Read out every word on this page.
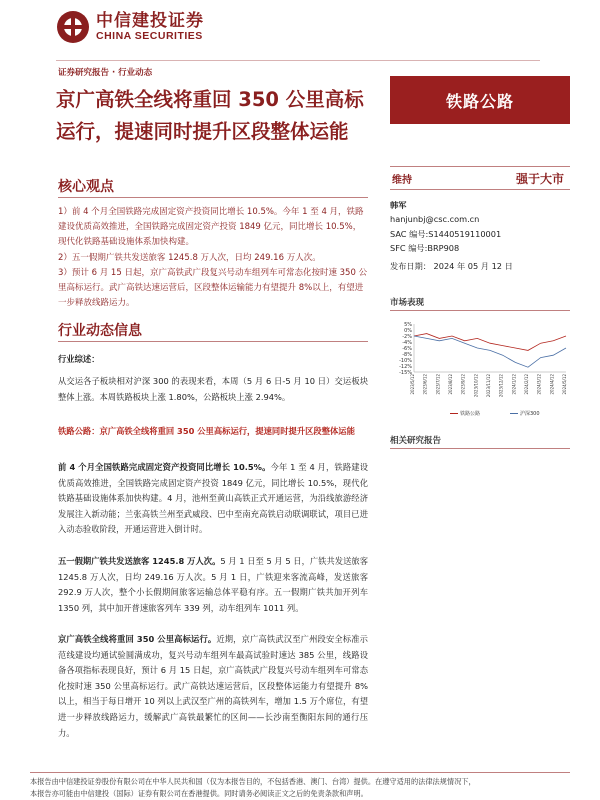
中信建投证券
CHINA SECURITIES
证券研究报告 · 行业动态
京广高铁全线将重回 350 公里高标运行，提速同时提升区段整体运能
铁路公路
核心观点

1）前 4 个月全国铁路完成固定资产投资同比增长 10.5%。今年 1 至 4 月，铁路建设优质高效推进，全国铁路完成固定资产投资 1849 亿元，同比增长 10.5%，现代化铁路基础设施体系加快构建。

2）五一假期广铁共发送旅客 1245.8 万人次，日均 249.16 万人次。

3）预计 6 月 15 日起，京广高铁武广段复兴号动车组列车可常态化按时速 350 公里高标运行。武广高铁达速运营后，区段整体运输能力有望提升 8%以上，有望进一步释放线路运力。

行业动态信息
行业综述：
从交运各子板块相对沪深 300 的表现来看，本周（5 月 6 日-5 月 10 日）交运板块整体上涨。本周铁路板块上涨 1.80%，公路板块上涨 2.94%。
铁路公路：京广高铁全线将重回 350 公里高标运行，提速同时提升区段整体运能
前 4 个月全国铁路完成固定资产投资同比增长 10.5%。今年 1 至 4 月，铁路建设优质高效推进，全国铁路完成固定资产投资 1849 亿元，同比增长 10.5%，现代化铁路基础设施体系加快构建。4 月，池州至黄山高铁正式开通运营，为沿线旅游经济发展注入新动能；兰张高铁兰州至武威段、巴中至南充高铁启动联调联试，项目已进入动态验收阶段，开通运营进入倒计时。
五一假期广铁共发送旅客 1245.8 万人次。5 月 1 日至 5 月 5 日，广铁共发送旅客 1245.8 万人次，日均 249.16 万人次。5 月 1 日，广铁迎来客流高峰，发送旅客 292.9 万人次，整个小长假期间旅客运输总体平稳有序。五一假期广铁共加开列车 1350 列，其中加开普速旅客列车 339 列，动车组列车 1011 列。
京广高铁全线将重回 350 公里高标运行。近期，京广高铁武汉至广州段安全标准示范线建设均通试验圆满成功，复兴号动车组列车最高试验时速达 385 公里，线路设备各项指标表现良好，预计 6 月 15 日起，京广高铁武广段复兴号动车组列车可常态化按时速 350 公里高标运行。武广高铁达速运营后，区段整体运能力有望提升 8%以上，相当于每日增开 10 列以上武汉至广州的高铁列车，增加 1.5 万个席位，有望进一步释放线路运力，缓解武广高铁最繁忙的区间——长沙南至衡阳东间的通行压力。
维持	强于大市
韩军
hanjunbj@csc.com.cn
SAC 编号:S1440519110001
SFC 编号:BRP908
发布日期： 2024 年 05 月 12 日
市场表现
5%
0%
-2%
-4%
-6%
-8%
-10%
-12%
-15%
2023/5/12 2023/6/12 2023/7/12 2023/8/12 2023/9/12 2023/10/12 2023/11/12 2023/12/12 2024/1/12 2024/2/12 2024/3/12 2024/4/12 2024/5/12
铁路公路	沪深300
相关研究报告
本报告由中信建投证券股份有限公司在中华人民共和国（仅为本报告目的，不包括香港、澳门、台湾）提供。在遵守适用的法律法规情况下，
本报告亦可能由中信建投（国际）证券有限公司在香港提供。同时请务必阅读正文之后的免责条款和声明。
